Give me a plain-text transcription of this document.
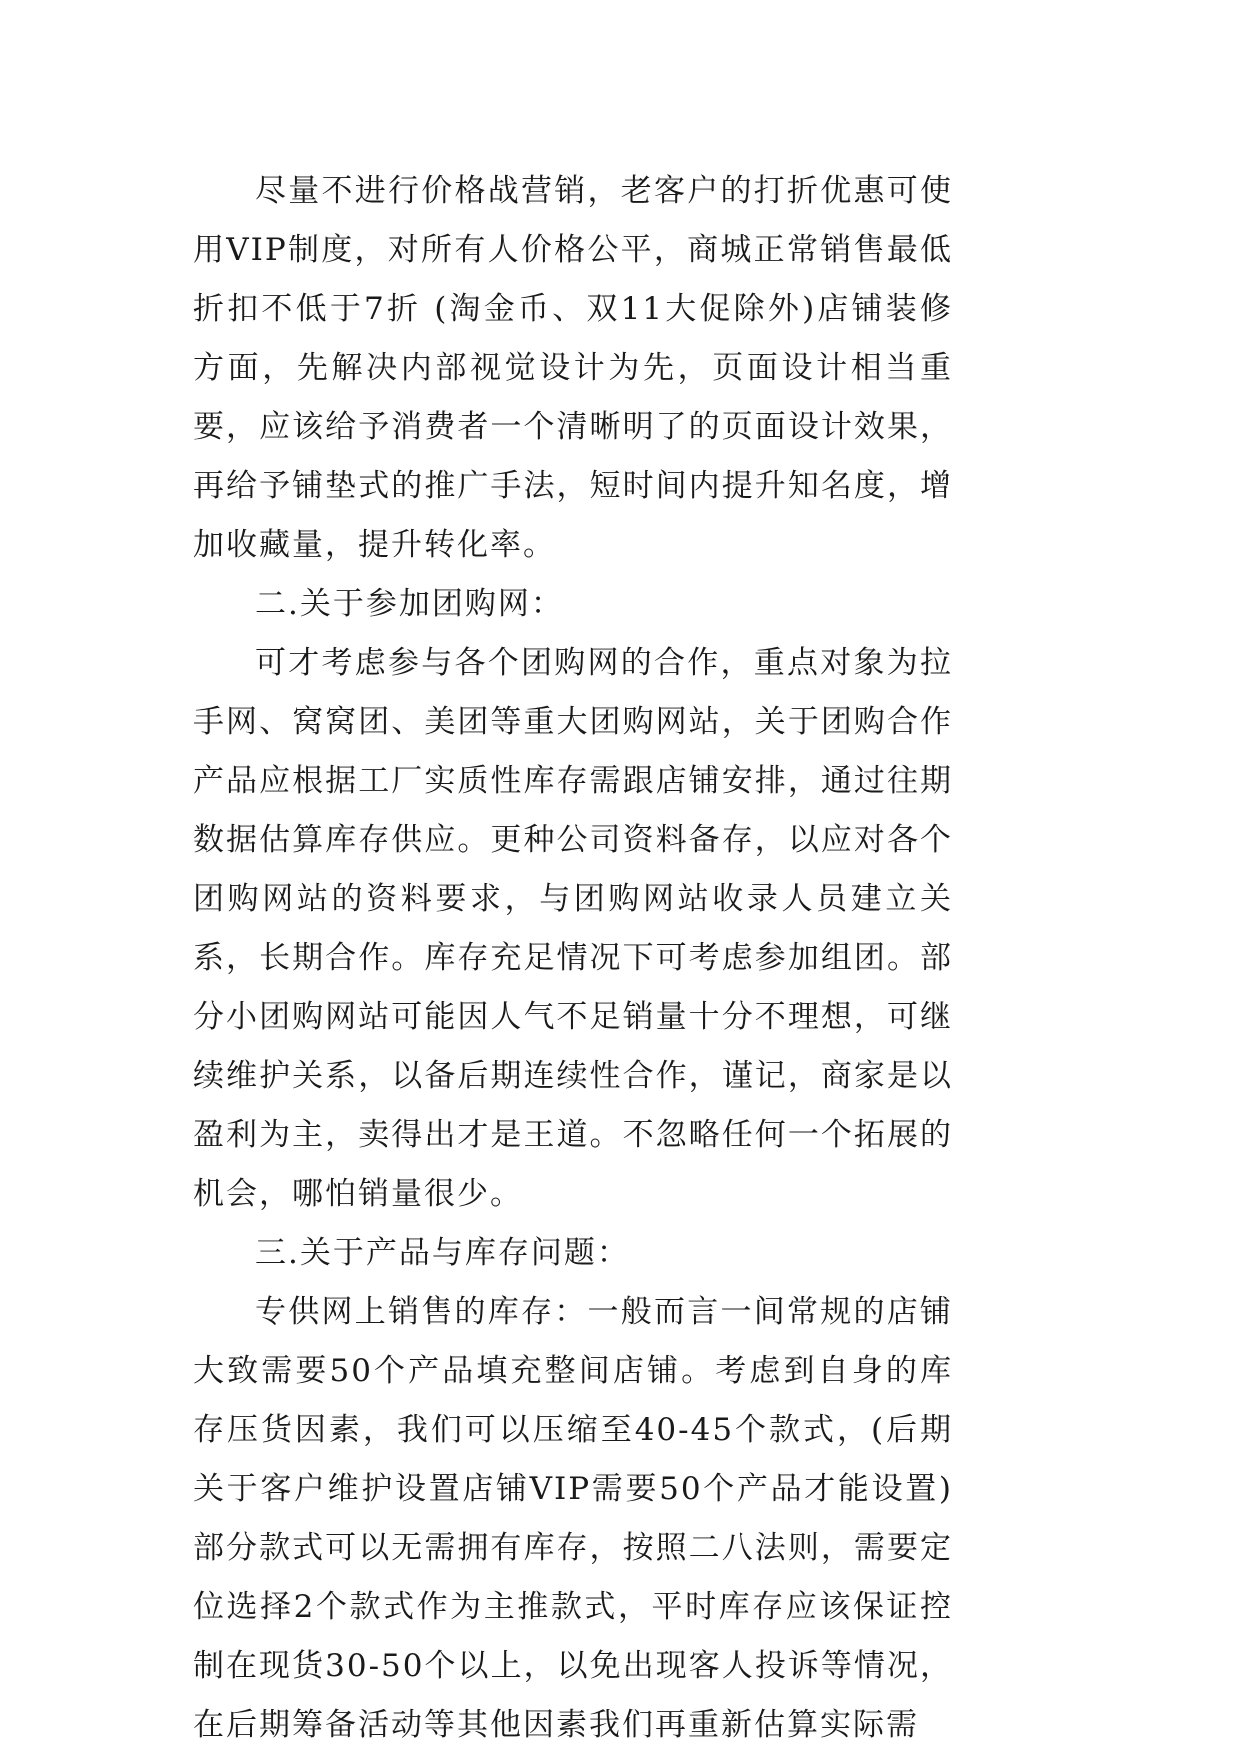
尽量不进行价格战营销，老客户的打折优惠可使用VIP制度，对所有人价格公平，商城正常销售最低折扣不低于7折 (淘金币、双11大促除外)店铺装修方面，先解决内部视觉设计为先，页面设计相当重要，应该给予消费者一个清晰明了的页面设计效果，再给予铺垫式的推广手法，短时间内提升知名度，增加收藏量，提升转化率。

二.关于参加团购网：

可才考虑参与各个团购网的合作，重点对象为拉手网、窝窝团、美团等重大团购网站，关于团购合作产品应根据工厂实质性库存需跟店铺安排，通过往期数据估算库存供应。更种公司资料备存，以应对各个团购网站的资料要求，与团购网站收录人员建立关系，长期合作。库存充足情况下可考虑参加组团。部分小团购网站可能因人气不足销量十分不理想，可继续维护关系，以备后期连续性合作，谨记，商家是以盈利为主，卖得出才是王道。不忽略任何一个拓展的机会，哪怕销量很少。

三.关于产品与库存问题：

专供网上销售的库存：一般而言一间常规的店铺大致需要50个产品填充整间店铺。考虑到自身的库存压货因素，我们可以压缩至40-45个款式，(后期关于客户维护设置店铺VIP需要50个产品才能设置)部分款式可以无需拥有库存，按照二八法则，需要定位选择2个款式作为主推款式，平时库存应该保证控制在现货30-50个以上，以免出现客人投诉等情况，在后期筹备活动等其他因素我们再重新估算实际需
